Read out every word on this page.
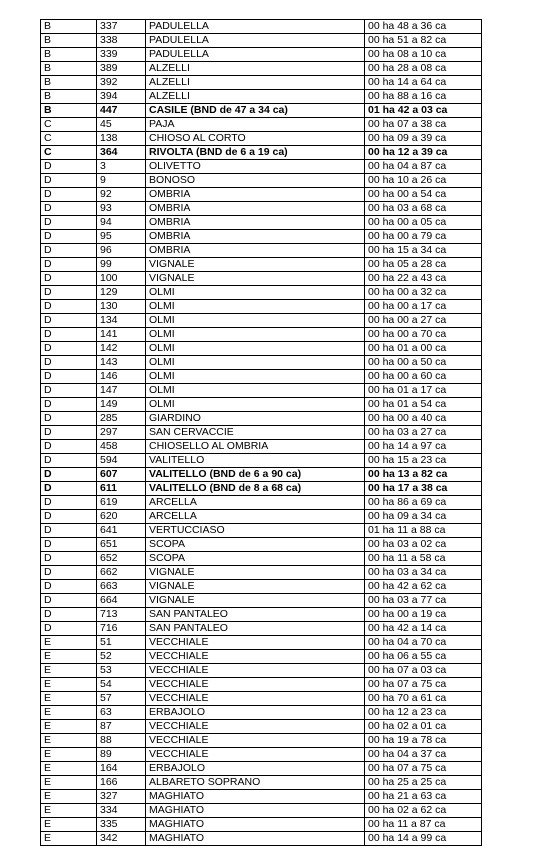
B	337	PADULELLA	00 ha 48 a 36 ca
B	338	PADULELLA	00 ha 51 a 82 ca
B	339	PADULELLA	00 ha 08 a 10 ca
B	389	ALZELLI	00 ha 28 a 08 ca
B	392	ALZELLI	00 ha 14 a 64 ca
B	394	ALZELLI	00 ha 88 a 16 ca
B	447	CASILE (BND de 47 a 34 ca)	01 ha 42 a 03 ca
C	45	PAJA	00 ha 07 a 38 ca
C	138	CHIOSO AL CORTO	00 ha 09 a 39 ca
C	364	RIVOLTA (BND de 6 a 19 ca)	00 ha 12 a 39 ca
D	3	OLIVETTO	00 ha 04 a 87 ca
D	9	BONOSO	00 ha 10 a 26 ca
D	92	OMBRIA	00 ha 00 a 54 ca
D	93	OMBRIA	00 ha 03 a 68 ca
D	94	OMBRIA	00 ha 00 a 05 ca
D	95	OMBRIA	00 ha 00 a 79 ca
D	96	OMBRIA	00 ha 15 a 34 ca
D	99	VIGNALE	00 ha 05 a 28 ca
D	100	VIGNALE	00 ha 22 a 43 ca
D	129	OLMI	00 ha 00 a 32 ca
D	130	OLMI	00 ha 00 a 17 ca
D	134	OLMI	00 ha 00 a 27 ca
D	141	OLMI	00 ha 00 a 70 ca
D	142	OLMI	00 ha 01 a 00 ca
D	143	OLMI	00 ha 00 a 50 ca
D	146	OLMI	00 ha 00 a 60 ca
D	147	OLMI	00 ha 01 a 17 ca
D	149	OLMI	00 ha 01 a 54 ca
D	285	GIARDINO	00 ha 00 a 40 ca
D	297	SAN CERVACCIE	00 ha 03 a 27 ca
D	458	CHIOSELLO AL OMBRIA	00 ha 14 a 97 ca
D	594	VALITELLO	00 ha 15 a 23 ca
D	607	VALITELLO (BND de 6 a 90 ca)	00 ha 13 a 82 ca
D	611	VALITELLO (BND de 8 a 68 ca)	00 ha 17 a 38 ca
D	619	ARCELLA	00 ha 86 a 69 ca
D	620	ARCELLA	00 ha 09 a 34 ca
D	641	VERTUCCIASO	01 ha 11 a 88 ca
D	651	SCOPA	00 ha 03 a 02 ca
D	652	SCOPA	00 ha 11 a 58 ca
D	662	VIGNALE	00 ha 03 a 34 ca
D	663	VIGNALE	00 ha 42 a 62 ca
D	664	VIGNALE	00 ha 03 a 77 ca
D	713	SAN PANTALEO	00 ha 00 a 19 ca
D	716	SAN PANTALEO	00 ha 42 a 14 ca
E	51	VECCHIALE	00 ha 04 a 70 ca
E	52	VECCHIALE	00 ha 06 a 55 ca
E	53	VECCHIALE	00 ha 07 a 03 ca
E	54	VECCHIALE	00 ha 07 a 75 ca
E	57	VECCHIALE	00 ha 70 a 61 ca
E	63	ERBAJOLO	00 ha 12 a 23 ca
E	87	VECCHIALE	00 ha 02 a 01 ca
E	88	VECCHIALE	00 ha 19 a 78 ca
E	89	VECCHIALE	00 ha 04 a 37 ca
E	164	ERBAJOLO	00 ha 07 a 75 ca
E	166	ALBARETO SOPRANO	00 ha 25 a 25 ca
E	327	MAGHIATO	00 ha 21 a 63 ca
E	334	MAGHIATO	00 ha 02 a 62 ca
E	335	MAGHIATO	00 ha 11 a 87 ca
E	342	MAGHIATO	00 ha 14 a 99 ca
